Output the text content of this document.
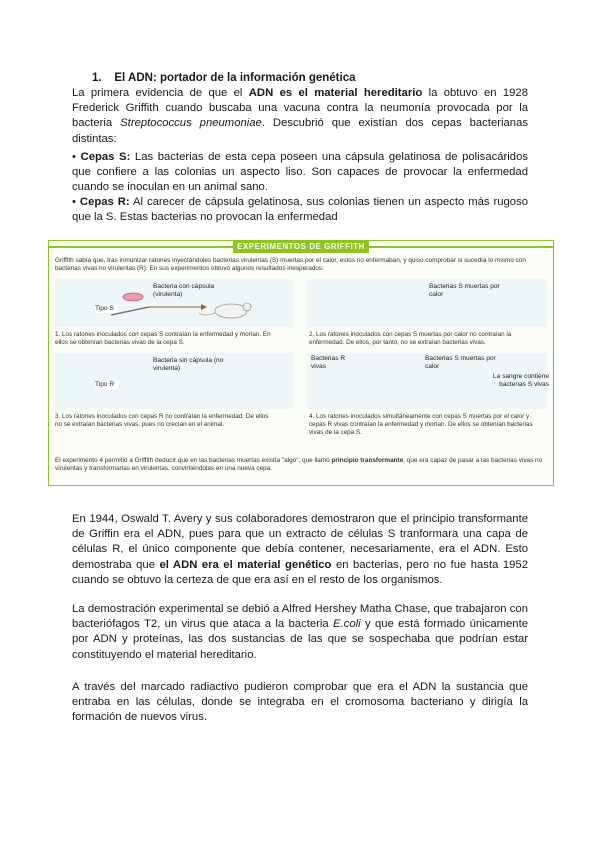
1. El ADN: portador de la información genética
La primera evidencia de que el ADN es el material hereditario la obtuvo en 1928 Frederick Griffith cuando buscaba una vacuna contra la neumonía provocada por la bacteria Streptococcus pneumoniae. Descubrió que existían dos cepas bacterianas distintas:
• Cepas S: Las bacterias de esta cepa poseen una cápsula gelatinosa de polisacáridos que confiere a las colonias un aspecto liso. Son capaces de provocar la enfermedad cuando se inoculan en un animal sano.
• Cepas R: Al carecer de cápsula gelatinosa, sus colonias tienen un aspecto más rugoso que la S. Estas bacterias no provocan la enfermedad
EXPERIMENTOS DE GRIFFITH
Griffith sabía que, tras inmunizar ratones inyectándoles bacterias virulentas (S) muertas por el calor, estos no enfermaban, y quiso comprobar si sucedía lo mismo con bacterias vivas no virulentas (R). En sus experimentos obtuvo algunos resultados inesperados:
Tipo S
Bacteria con cápsula (virulenta)
Bacterias S muertas por calor
1. Los ratones inoculados con cepas S contraían la enfermedad y morían. En ellos se obtenían bacterias vivas de la cepa S.
2. Los ratones inoculados con cepas S muertas por calor no contraían la enfermedad. De ellos, por tanto, no se extraían bacterias vivas.
Tipo R
Bacteria sin cápsula (no virulenta)
Bacterias R vivas
Bacterias S muertas por calor
La sangre contiene bacterias S vivas
3. Los ratones inoculados con cepas R no contraían la enfermedad. De ellos no se extraían bacterias vivas, pues no crecían en el animal.
4. Los ratones inoculados simultáneamente con cepas S muertas por el calor y cepas R vivas contraían la enfermedad y morían. De ellos se obtenían bacterias vivas de la cepa S.
El experimento 4 permitió a Griffith deducir que en las bacterias muertas existía "algo", que llamó principio transformante, que era capaz de pasar a las bacterias vivas no virulentas y transformarlas en virulentas, convirtiéndolas en una nueva cepa.
En 1944, Oswald T. Avery y sus colaboradores demostraron que el principio transformante de Griffin era el ADN, pues para que un extracto de células S tranformara una capa de células R, el único componente que debía contener, necesariamente, era el ADN. Esto demostraba que el ADN era el material genético en bacterias, pero no fue hasta 1952 cuando se obtuvo la certeza de que era así en el resto de los organismos.
La demostración experimental se debió a Alfred Hershey Matha Chase, que trabajaron con bacteriófagos T2, un virus que ataca a la bacteria E.coli y que está formado únicamente por ADN y proteínas, las dos sustancias de las que se sospechaba que podrían estar constituyendo el material hereditario.
A través del marcado radiactivo pudieron comprobar que era el ADN la sustancia que entraba en las células, donde se integraba en el cromosoma bacteriano y dirigía la formación de nuevos virus.
